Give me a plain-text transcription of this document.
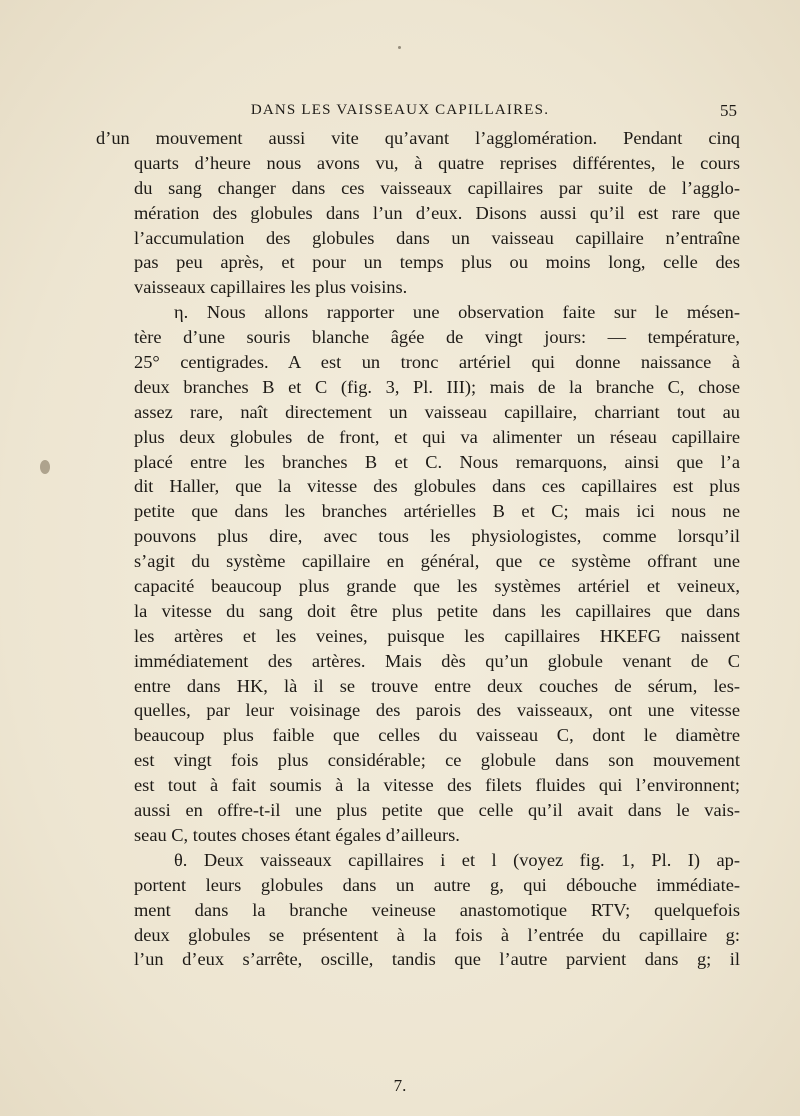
DANS LES VAISSEAUX CAPILLAIRES.	55
d’un mouvement aussi vite qu’avant l’agglomération. Pendant cinq
quarts d’heure nous avons vu, à quatre reprises différentes, le cours
du sang changer dans ces vaisseaux capillaires par suite de l’agglo-
mération des globules dans l’un d’eux. Disons aussi qu’il est rare que
l’accumulation des globules dans un vaisseau capillaire n’entraîne
pas peu après, et pour un temps plus ou moins long, celle des
vaisseaux capillaires les plus voisins.
η. Nous allons rapporter une observation faite sur le mésen-
tère d’une souris blanche âgée de vingt jours: — température,
25° centigrades. A est un tronc artériel qui donne naissance à
deux branches B et C (fig. 3, Pl. III); mais de la branche C, chose
assez rare, naît directement un vaisseau capillaire, charriant tout au
plus deux globules de front, et qui va alimenter un réseau capillaire
placé entre les branches B et C. Nous remarquons, ainsi que l’a
dit Haller, que la vitesse des globules dans ces capillaires est plus
petite que dans les branches artérielles B et C; mais ici nous ne
pouvons plus dire, avec tous les physiologistes, comme lorsqu’il
s’agit du système capillaire en général, que ce système offrant une
capacité beaucoup plus grande que les systèmes artériel et veineux,
la vitesse du sang doit être plus petite dans les capillaires que dans
les artères et les veines, puisque les capillaires HKEFG naissent
immédiatement des artères. Mais dès qu’un globule venant de C
entre dans HK, là il se trouve entre deux couches de sérum, les-
quelles, par leur voisinage des parois des vaisseaux, ont une vitesse
beaucoup plus faible que celles du vaisseau C, dont le diamètre
est vingt fois plus considérable; ce globule dans son mouvement
est tout à fait soumis à la vitesse des filets fluides qui l’environnent;
aussi en offre-t-il une plus petite que celle qu’il avait dans le vais-
seau C, toutes choses étant égales d’ailleurs.
θ. Deux vaisseaux capillaires i et l (voyez fig. 1, Pl. I) ap-
portent leurs globules dans un autre g, qui débouche immédiate-
ment dans la branche veineuse anastomotique RTV; quelquefois
deux globules se présentent à la fois à l’entrée du capillaire g:
l’un d’eux s’arrête, oscille, tandis que l’autre parvient dans g; il
7.
